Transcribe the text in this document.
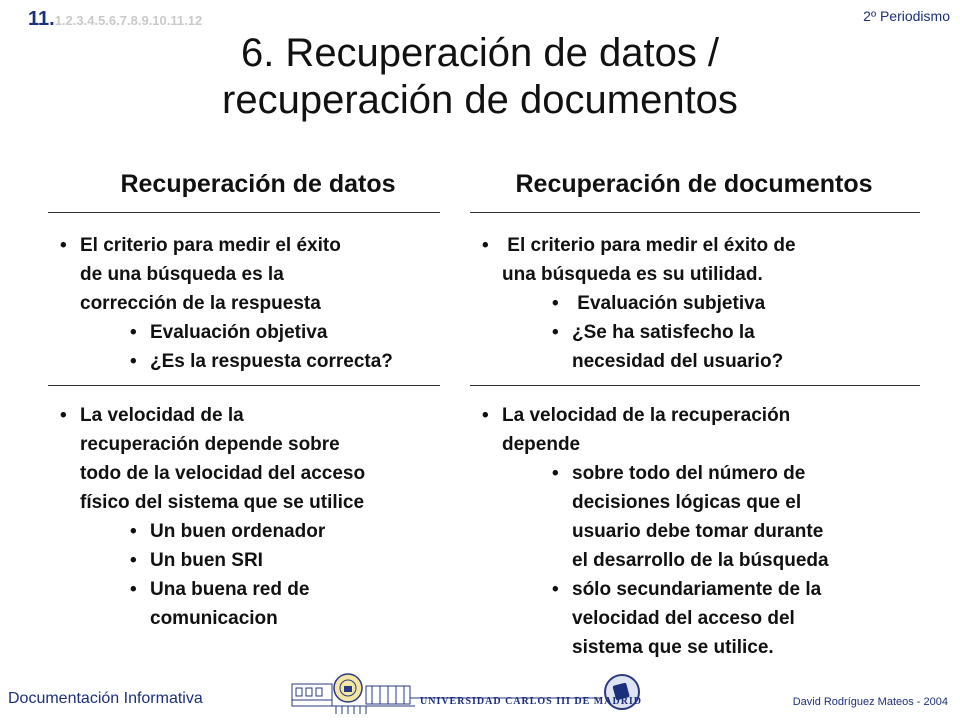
11.1.2.3.4.5.6.7.8.9.10.11.12	2º Periodismo
6. Recuperación de datos /
recuperación de documentos
Recuperación de datos	Recuperación de documentos
• El criterio para medir el éxito
de una búsqueda es la
corrección de la respuesta
• Evaluación objetiva
• ¿Es la respuesta correcta?
• La velocidad de la
recuperación depende sobre
todo de la velocidad del acceso
físico del sistema que se utilice
• Un buen ordenador
• Un buen SRI
• Una buena red de
comunicacion
•  El criterio para medir el éxito de
una búsqueda es su utilidad.
•  Evaluación subjetiva
• ¿Se ha satisfecho la
necesidad del usuario?
• La velocidad de la recuperación
depende
• sobre todo del número de
decisiones lógicas que el
usuario debe tomar durante
el desarrollo de la búsqueda
• sólo secundariamente de la
velocidad del acceso del
sistema que se utilice.
Documentación Informativa	David Rodríguez Mateos - 2004
UNIVERSIDAD CARLOS III DE MADRID
